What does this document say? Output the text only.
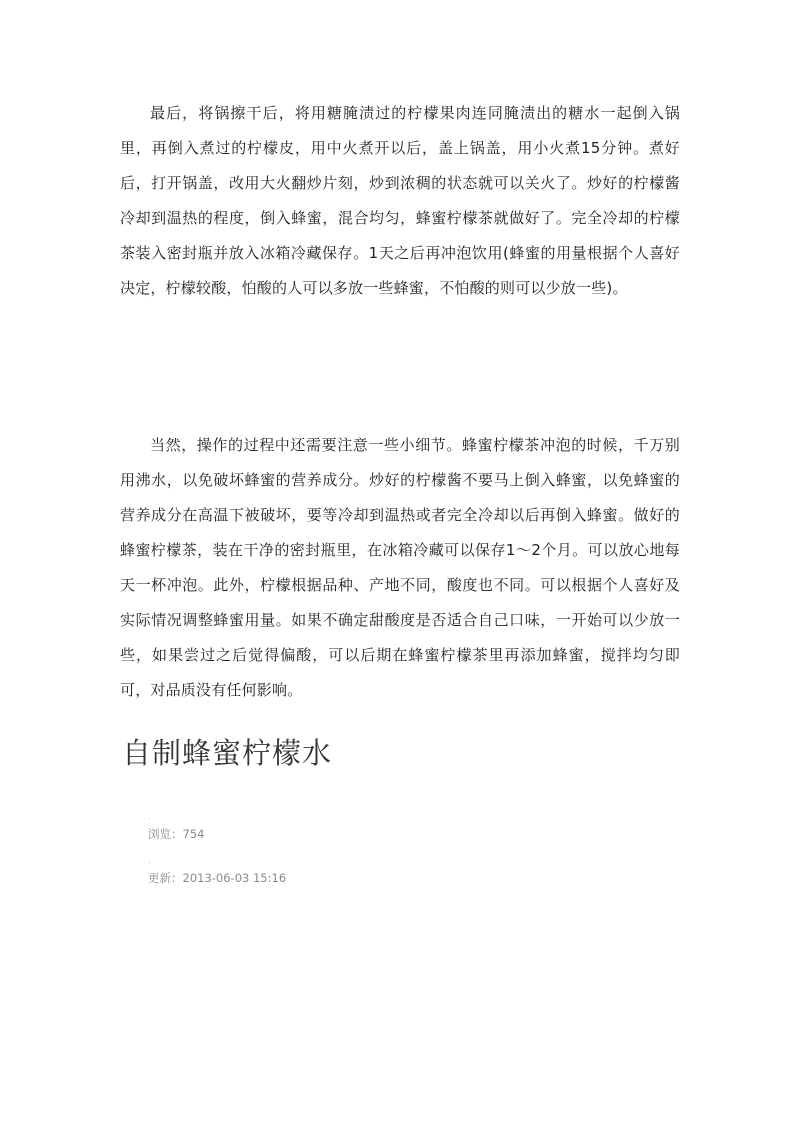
最后，将锅擦干后，将用糖腌渍过的柠檬果肉连同腌渍出的糖水一起倒入锅里，再倒入煮过的柠檬皮，用中火煮开以后，盖上锅盖，用小火煮15分钟。煮好后，打开锅盖，改用大火翻炒片刻，炒到浓稠的状态就可以关火了。炒好的柠檬酱冷却到温热的程度，倒入蜂蜜，混合均匀，蜂蜜柠檬茶就做好了。完全冷却的柠檬茶装入密封瓶并放入冰箱冷藏保存。1天之后再冲泡饮用(蜂蜜的用量根据个人喜好决定，柠檬较酸，怕酸的人可以多放一些蜂蜜，不怕酸的则可以少放一些)。

当然，操作的过程中还需要注意一些小细节。蜂蜜柠檬茶冲泡的时候，千万别用沸水，以免破坏蜂蜜的营养成分。炒好的柠檬酱不要马上倒入蜂蜜，以免蜂蜜的营养成分在高温下被破坏，要等冷却到温热或者完全冷却以后再倒入蜂蜜。做好的蜂蜜柠檬茶，装在干净的密封瓶里，在冰箱冷藏可以保存1～2个月。可以放心地每天一杯冲泡。此外，柠檬根据品种、产地不同，酸度也不同。可以根据个人喜好及实际情况调整蜂蜜用量。如果不确定甜酸度是否适合自己口味，一开始可以少放一些，如果尝过之后觉得偏酸，可以后期在蜂蜜柠檬茶里再添加蜂蜜，搅拌均匀即可，对品质没有任何影响。

自制蜂蜜柠檬水
·
浏览：754
·
更新：2013-06-03 15:16
